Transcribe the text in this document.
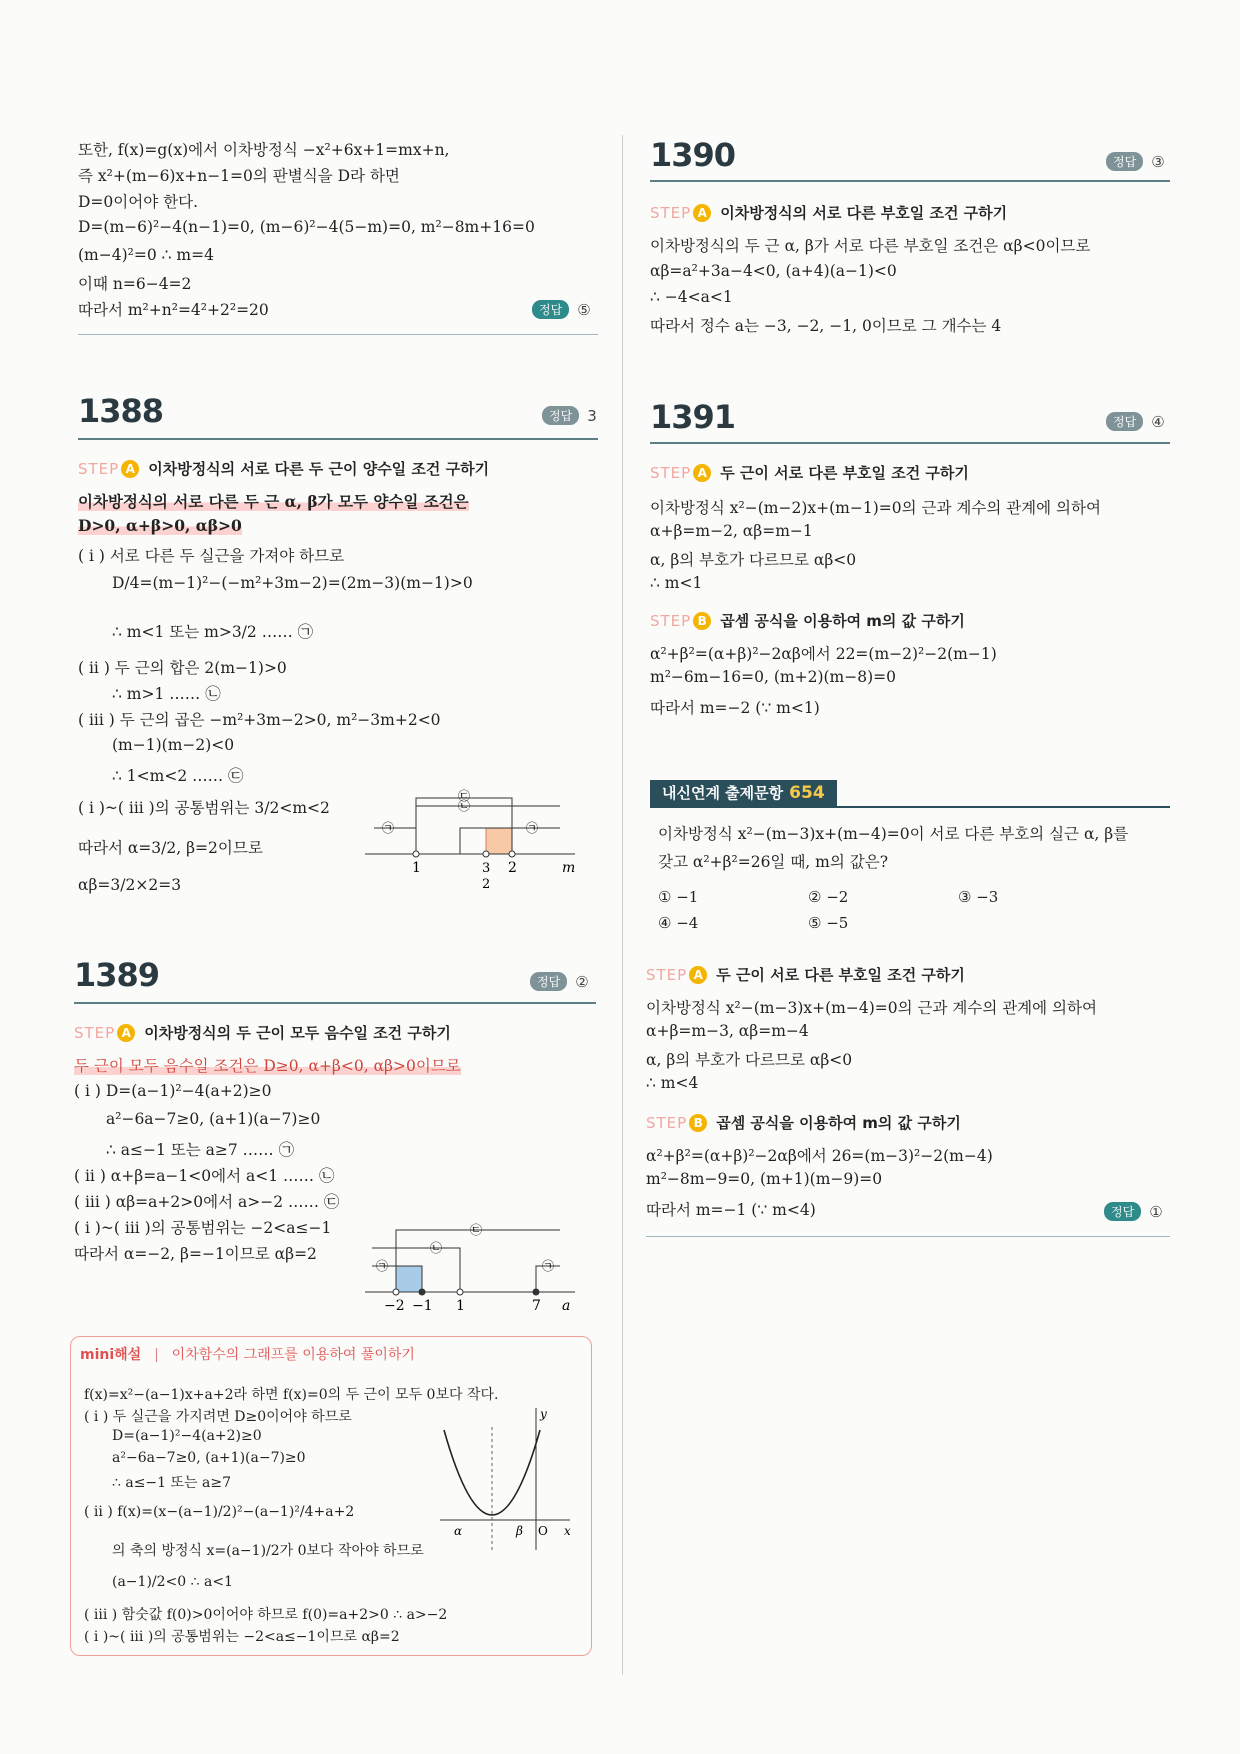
또한, f(x)=g(x)에서 이차방정식 −x²+6x+1=mx+n,
즉 x²+(m−6)x+n−1=0의 판별식을 D라 하면
D=0이어야 한다.
D=(m−6)²−4(n−1)=0, (m−6)²−4(5−m)=0, m²−8m+16=0
(m−4)²=0 ∴ m=4
이때 n=6−4=2
따라서 m²+n²=4²+2²=20	정답	⑤
1388	정답	3
STEP A 이차방정식의 서로 다른 두 근이 양수일 조건 구하기
이차방정식의 서로 다른 두 근 α, β가 모두 양수일 조건은
D>0, α+β>0, αβ>0
( i ) 서로 다른 두 실근을 가져야 하므로
D/4=(m−1)²−(−m²+3m−2)=(2m−3)(m−1)>0
∴ m<1 또는 m>3/2 …… ㉠
( ii ) 두 근의 합은 2(m−1)>0
∴ m>1 …… ㉡
( iii ) 두 근의 곱은 −m²+3m−2>0, m²−3m+2<0
(m−1)(m−2)<0
∴ 1<m<2 …… ㉢
( i )~( iii )의 공통범위는 3/2<m<2
따라서 α=3/2, β=2이므로
αβ=3/2×2=3
1	3
2
2	m
㉠	㉠
㉡
㉢
1389	정답	②
STEP A 이차방정식의 두 근이 모두 음수일 조건 구하기
두 근이 모두 음수일 조건은 D≥0, α+β<0, αβ>0이므로
( i ) D=(a−1)²−4(a+2)≥0
a²−6a−7≥0, (a+1)(a−7)≥0
∴ a≤−1 또는 a≥7 …… ㉠
( ii ) α+β=a−1<0에서 a<1 …… ㉡
( iii ) αβ=a+2>0에서 a>−2 …… ㉢
( i )~( iii )의 공통범위는 −2<a≤−1
따라서 α=−2, β=−1이므로 αβ=2
−2 −1 1	7 a
㉠	㉠
㉡
㉢
mini해설 | 이차함수의 그래프를 이용하여 풀이하기
f(x)=x²−(a−1)x+a+2라 하면 f(x)=0의 두 근이 모두 0보다 작다.
( i ) 두 실근을 가지려면 D≥0이어야 하므로
D=(a−1)²−4(a+2)≥0
a²−6a−7≥0, (a+1)(a−7)≥0
∴ a≤−1 또는 a≥7
( ii ) f(x)=(x−(a−1)/2)²−(a−1)²/4+a+2
의 축의 방정식 x=(a−1)/2가 0보다 작아야 하므로
(a−1)/2<0 ∴ a<1
( iii ) 함숫값 f(0)>0이어야 하므로 f(0)=a+2>0 ∴ a>−2
( i )~( iii )의 공통범위는 −2<a≤−1이므로 αβ=2
y
α	β O x
1390	정답	③
STEP A 이차방정식의 서로 다른 부호일 조건 구하기
이차방정식의 두 근 α, β가 서로 다른 부호일 조건은 αβ<0이므로
αβ=a²+3a−4<0, (a+4)(a−1)<0
∴ −4<a<1
따라서 정수 a는 −3, −2, −1, 0이므로 그 개수는 4
1391	정답	④
STEP A 두 근이 서로 다른 부호일 조건 구하기
이차방정식 x²−(m−2)x+(m−1)=0의 근과 계수의 관계에 의하여
α+β=m−2, αβ=m−1
α, β의 부호가 다르므로 αβ<0
∴ m<1
STEP B 곱셈 공식을 이용하여 m의 값 구하기
α²+β²=(α+β)²−2αβ에서 22=(m−2)²−2(m−1)
m²−6m−16=0, (m+2)(m−8)=0
따라서 m=−2 (∵ m<1)
내신연계 출제문항 654
이차방정식 x²−(m−3)x+(m−4)=0이 서로 다른 부호의 실근 α, β를
갖고 α²+β²=26일 때, m의 값은?
① −1	② −2	③ −3
④ −4	⑤ −5
STEP A 두 근이 서로 다른 부호일 조건 구하기
이차방정식 x²−(m−3)x+(m−4)=0의 근과 계수의 관계에 의하여
α+β=m−3, αβ=m−4
α, β의 부호가 다르므로 αβ<0
∴ m<4
STEP B 곱셈 공식을 이용하여 m의 값 구하기
α²+β²=(α+β)²−2αβ에서 26=(m−3)²−2(m−4)
m²−8m−9=0, (m+1)(m−9)=0
따라서 m=−1 (∵ m<4)	정답	①
